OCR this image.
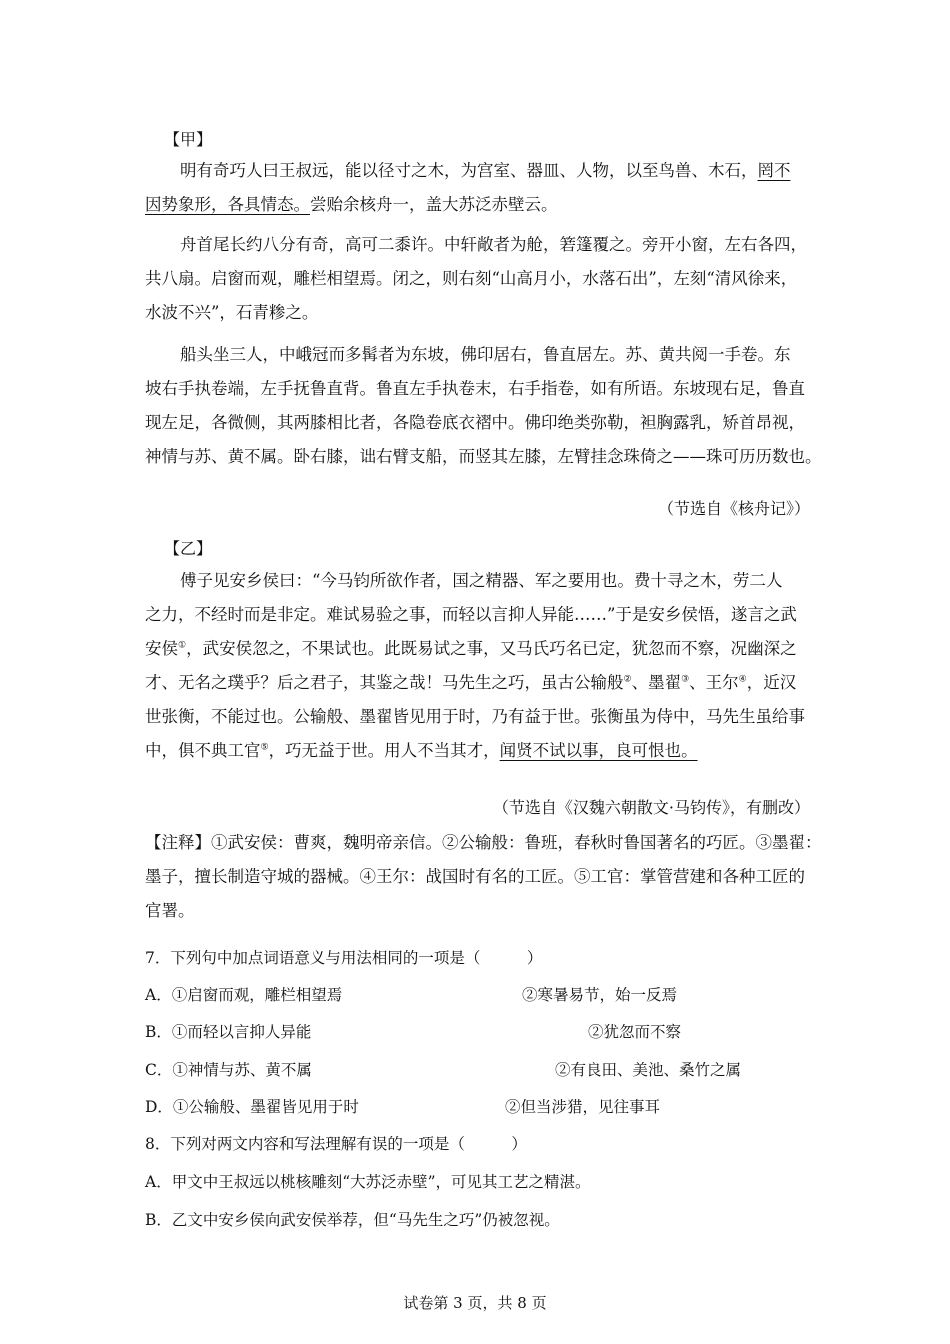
【甲】
明有奇巧人曰王叔远，能以径寸之木，为宫室、器皿、人物，以至鸟兽、木石，罔不
因势象形，各具情态。尝贻余核舟一，盖大苏泛赤壁云。
舟首尾长约八分有奇，高可二黍许。中轩敞者为舱，箬篷覆之。旁开小窗，左右各四，
共八扇。启窗而观，雕栏相望焉。闭之，则右刻“山高月小，水落石出”，左刻“清风徐来，
水波不兴”，石青糁之。
船头坐三人，中峨冠而多髯者为东坡，佛印居右，鲁直居左。苏、黄共阅一手卷。东
坡右手执卷端，左手抚鲁直背。鲁直左手执卷末，右手指卷，如有所语。东坡现右足，鲁直
现左足，各微侧，其两膝相比者，各隐卷底衣褶中。佛印绝类弥勒，袒胸露乳，矫首昂视，
神情与苏、黄不属。卧右膝，诎右臂支船，而竖其左膝，左臂挂念珠倚之——珠可历历数也。
（节选自《核舟记》）
【乙】
傅子见安乡侯曰：“今马钧所欲作者，国之精器、军之要用也。费十寻之木，劳二人
之力，不经时而是非定。难试易验之事，而轻以言抑人异能……”于是安乡侯悟，遂言之武
安侯①，武安侯忽之，不果试也。此既易试之事，又马氏巧名已定，犹忽而不察，况幽深之
才、无名之璞乎？后之君子，其鉴之哉！马先生之巧，虽古公输般②、墨翟③、王尔④，近汉
世张衡，不能过也。公输般、墨翟皆见用于时，乃有益于世。张衡虽为侍中，马先生虽给事
中，俱不典工官⑤，巧无益于世。用人不当其才，闻贤不试以事，良可恨也。
（节选自《汉魏六朝散文·马钧传》，有删改）
【注释】①武安侯：曹爽，魏明帝亲信。②公输般：鲁班，春秋时鲁国著名的巧匠。③墨翟：
墨子，擅长制造守城的器械。④王尔：战国时有名的工匠。⑤工官：掌管营建和各种工匠的
官署。
7．下列句中加点词语意义与用法相同的一项是（　　　）
A．①启窗而观，雕栏相望焉	②寒暑易节，始一反焉
B．①而轻以言抑人异能	②犹忽而不察
C．①神情与苏、黄不属	②有良田、美池、桑竹之属
D．①公输般、墨翟皆见用于时	②但当涉猎，见往事耳
8．下列对两文内容和写法理解有误的一项是（　　　）
A．甲文中王叔远以桃核雕刻“大苏泛赤壁”，可见其工艺之精湛。
B．乙文中安乡侯向武安侯举荐，但“马先生之巧”仍被忽视。
试卷第 3 页，共 8 页
